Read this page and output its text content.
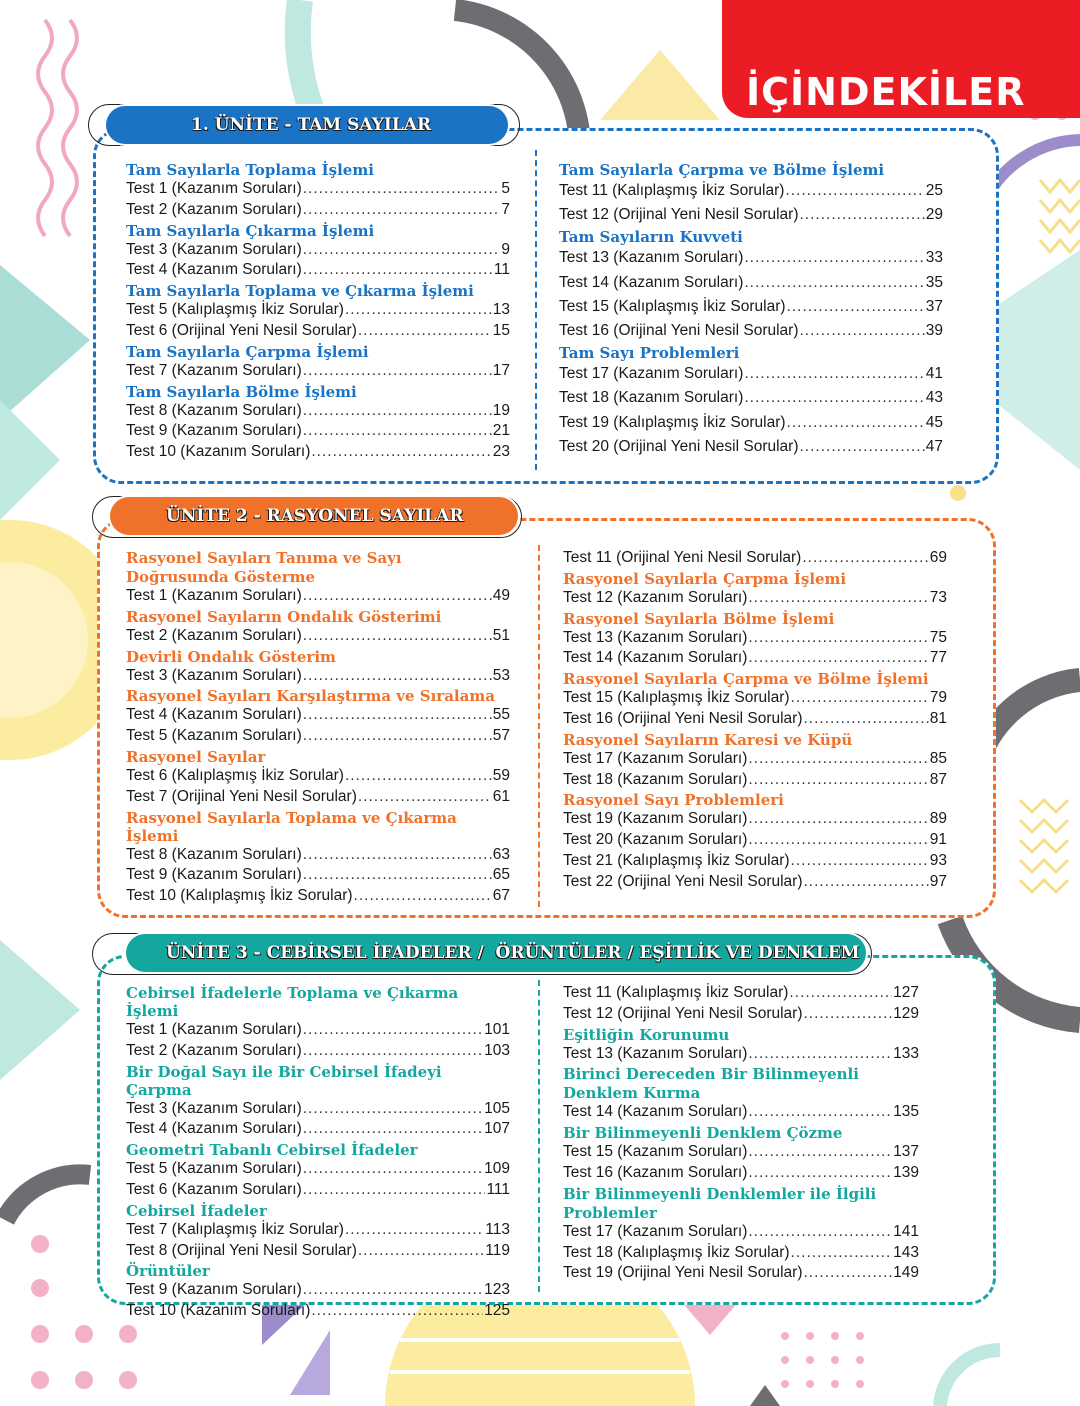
İÇİNDEKİLER
1. ÜNİTE - TAM SAYILAR
Tam Sayılarla Toplama İşlemi
Test 1 (Kazanım Soruları) .....	5
Test 2 (Kazanım Soruları) .....	7
Tam Sayılarla Çıkarma İşlemi
Test 3 (Kazanım Soruları) .....	9
Test 4 (Kazanım Soruları) .....	11
Tam Sayılarla Toplama ve Çıkarma İşlemi
Test 5 (Kalıplaşmış İkiz Sorular) .....	13
Test 6 (Orijinal Yeni Nesil Sorular) .....	15
Tam Sayılarla Çarpma İşlemi
Test 7 (Kazanım Soruları) .....	17
Tam Sayılarla Bölme İşlemi
Test 8 (Kazanım Soruları) .....	19
Test 9 (Kazanım Soruları) .....	21
Test 10 (Kazanım Soruları) .....	23
Tam Sayılarla Çarpma ve Bölme İşlemi
Test 11 (Kalıplaşmış İkiz Sorular) .....	25
Test 12 (Orijinal Yeni Nesil Sorular) .....	29
Tam Sayıların Kuvveti
Test 13 (Kazanım Soruları) .....	33
Test 14 (Kazanım Soruları) .....	35
Test 15 (Kalıplaşmış İkiz Sorular) .....	37
Test 16 (Orijinal Yeni Nesil Sorular) .....	39
Tam Sayı Problemleri
Test 17 (Kazanım Soruları) .....	41
Test 18 (Kazanım Soruları) .....	43
Test 19 (Kalıplaşmış İkiz Sorular) .....	45
Test 20 (Orijinal Yeni Nesil Sorular) .....	47
ÜNİTE 2 - RASYONEL SAYILAR
Rasyonel Sayıları Tanıma ve Sayı
Doğrusunda Gösterme
Test 1 (Kazanım Soruları) .....	49
Rasyonel Sayıların Ondalık Gösterimi
Test 2 (Kazanım Soruları) .....	51
Devirli Ondalık Gösterim
Test 3 (Kazanım Soruları) .....	53
Rasyonel Sayıları Karşılaştırma ve Sıralama
Test 4 (Kazanım Soruları) .....	55
Test 5 (Kazanım Soruları) .....	57
Rasyonel Sayılar
Test 6 (Kalıplaşmış İkiz Sorular) .....	59
Test 7 (Orijinal Yeni Nesil Sorular) .....	61
Rasyonel Sayılarla Toplama ve Çıkarma İşlemi
Test 8 (Kazanım Soruları) .....	63
Test 9 (Kazanım Soruları) .....	65
Test 10 (Kalıplaşmış İkiz Sorular) .....	67
Test 11 (Orijinal Yeni Nesil Sorular) .....	69
Rasyonel Sayılarla Çarpma İşlemi
Test 12 (Kazanım Soruları) .....	73
Rasyonel Sayılarla Bölme İşlemi
Test 13 (Kazanım Soruları) .....	75
Test 14 (Kazanım Soruları) .....	77
Rasyonel Sayılarla Çarpma ve Bölme İşlemi
Test 15 (Kalıplaşmış İkiz Sorular) .....	79
Test 16 (Orijinal Yeni Nesil Sorular) .....	81
Rasyonel Sayıların Karesi ve Küpü
Test 17 (Kazanım Soruları) .....	85
Test 18 (Kazanım Soruları) .....	87
Rasyonel Sayı Problemleri
Test 19 (Kazanım Soruları) .....	89
Test 20 (Kazanım Soruları) .....	91
Test 21 (Kalıplaşmış İkiz Sorular) .....	93
Test 22 (Orijinal Yeni Nesil Sorular) .....	97
ÜNİTE 3 - CEBİRSEL İFADELER /  ÖRÜNTÜLER / EŞİTLİK VE DENKLEM
Cebirsel İfadelerle Toplama ve Çıkarma İşlemi
Test 1 (Kazanım Soruları) .....	101
Test 2 (Kazanım Soruları) .....	103
Bir Doğal Sayı ile Bir Cebirsel İfadeyi Çarpma
Test 3 (Kazanım Soruları) .....	105
Test 4 (Kazanım Soruları) .....	107
Geometri Tabanlı Cebirsel İfadeler
Test 5 (Kazanım Soruları) .....	109
Test 6 (Kazanım Soruları) .....	111
Cebirsel İfadeler
Test 7 (Kalıplaşmış İkiz Sorular) .....	113
Test 8 (Orijinal Yeni Nesil Sorular) .....	119
Örüntüler
Test 9 (Kazanım Soruları) .....	123
Test 10 (Kazanım Soruları) .....	125
Test 11 (Kalıplaşmış İkiz Sorular) .....	127
Test 12 (Orijinal Yeni Nesil Sorular) .....	129
Eşitliğin Korunumu
Test 13 (Kazanım Soruları) .....	133
Birinci Dereceden Bir Bilinmeyenli
Denklem Kurma
Test 14 (Kazanım Soruları) .....	135
Bir Bilinmeyenli Denklem Çözme
Test 15 (Kazanım Soruları) .....	137
Test 16 (Kazanım Soruları) .....	139
Bir Bilinmeyenli Denklemler ile İlgili
Problemler
Test 17 (Kazanım Soruları) .....	141
Test 18 (Kalıplaşmış İkiz Sorular) .....	143
Test 19 (Orijinal Yeni Nesil Sorular) .....	149
